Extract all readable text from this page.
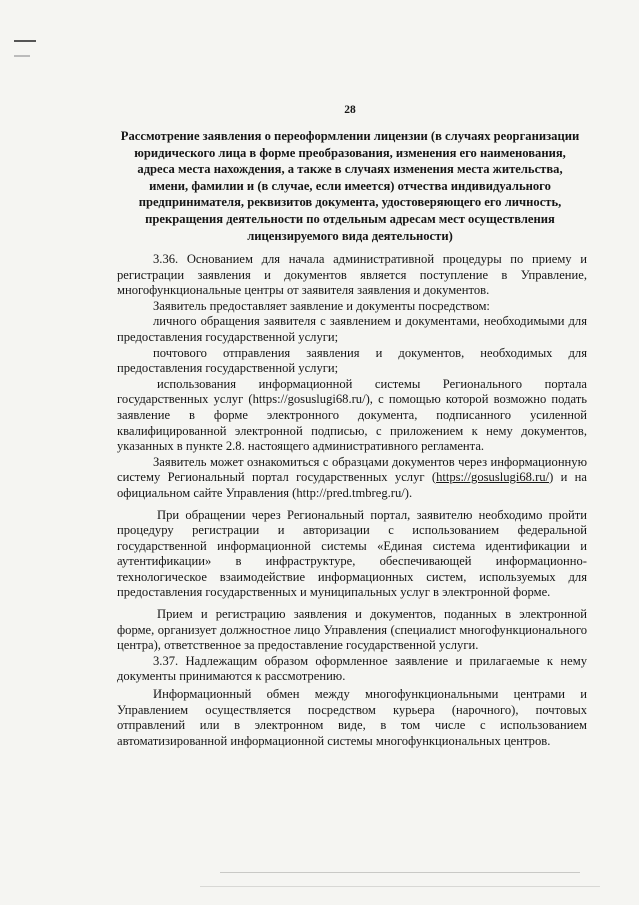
28
Рассмотрение заявления о переоформлении лицензии (в случаях реорганизации
юридического лица в форме преобразования, изменения его наименования,
адреса места нахождения, а также в случаях изменения места жительства,
имени, фамилии и (в случае, если имеется) отчества индивидуального
предпринимателя, реквизитов документа, удостоверяющего его личность,
прекращения деятельности по отдельным адресам мест осуществления
лицензируемого вида деятельности)
3.36. Основанием для начала административной процедуры по приему и регистрации заявления и документов является поступление в Управление, многофункциональные центры от заявителя заявления и документов.
Заявитель предоставляет заявление и документы посредством:
личного обращения заявителя с заявлением и документами, необходимыми для предоставления государственной услуги;
почтового отправления заявления и документов, необходимых для предоставления государственной услуги;
использования информационной системы Регионального портала государственных услуг (https://gosuslugi68.ru/), с помощью которой возможно подать заявление в форме электронного документа, подписанного усиленной квалифицированной электронной подписью, с приложением к нему документов, указанных в пункте 2.8. настоящего административного регламента.
Заявитель может ознакомиться с образцами документов через информационную систему Региональный портал государственных услуг (https://gosuslugi68.ru/) и на официальном сайте Управления (http://pred.tmbreg.ru/).
При обращении через Региональный портал, заявителю необходимо пройти процедуру регистрации и авторизации с использованием федеральной государственной информационной системы «Единая система идентификации и аутентификации» в инфраструктуре, обеспечивающей информационно-технологическое взаимодействие информационных систем, используемых для предоставления государственных и муниципальных услуг в электронной форме.
Прием и регистрацию заявления и документов, поданных в электронной форме, организует должностное лицо Управления (специалист многофункционального центра), ответственное за предоставление государственной услуги.
3.37. Надлежащим образом оформленное заявление и прилагаемые к нему документы принимаются к рассмотрению.
Информационный обмен между многофункциональными центрами и Управлением осуществляется посредством курьера (нарочного), почтовых отправлений или в электронном виде, в том числе с использованием автоматизированной информационной системы многофункциональных центров.
